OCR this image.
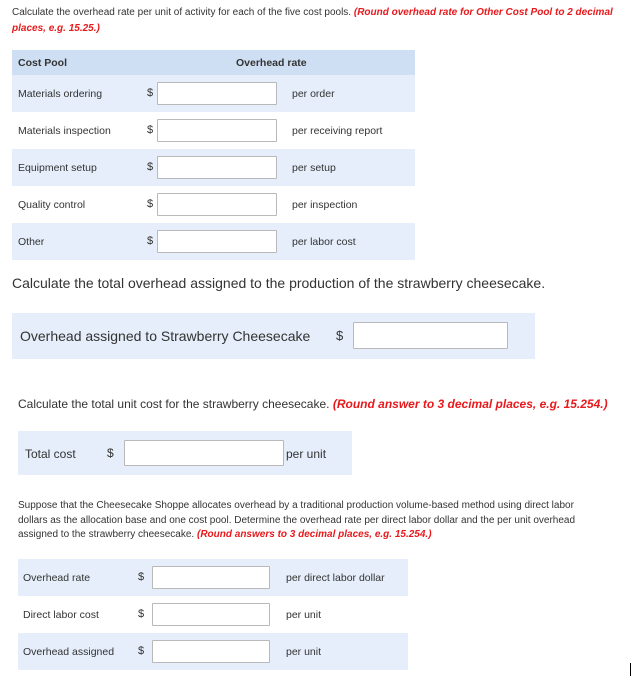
Calculate the overhead rate per unit of activity for each of the five cost pools. (Round overhead rate for Other Cost Pool to 2 decimal
places, e.g. 15.25.)
Cost Pool	Overhead rate
Materials ordering	$	per order
Materials inspection	$	per receiving report
Equipment setup	$	per setup
Quality control	$	per inspection
Other	$	per labor cost
Calculate the total overhead assigned to the production of the strawberry cheesecake.
Overhead assigned to Strawberry Cheesecake $
Calculate the total unit cost for the strawberry cheesecake. (Round answer to 3 decimal places, e.g. 15.254.)
Total cost	$	per unit
Suppose that the Cheesecake Shoppe allocates overhead by a traditional production volume-based method using direct labor
dollars as the allocation base and one cost pool. Determine the overhead rate per direct labor dollar and the per unit overhead
assigned to the strawberry cheesecake. (Round answers to 3 decimal places, e.g. 15.254.)
Overhead rate	$	per direct labor dollar
Direct labor cost	$	per unit
Overhead assigned $	per unit
